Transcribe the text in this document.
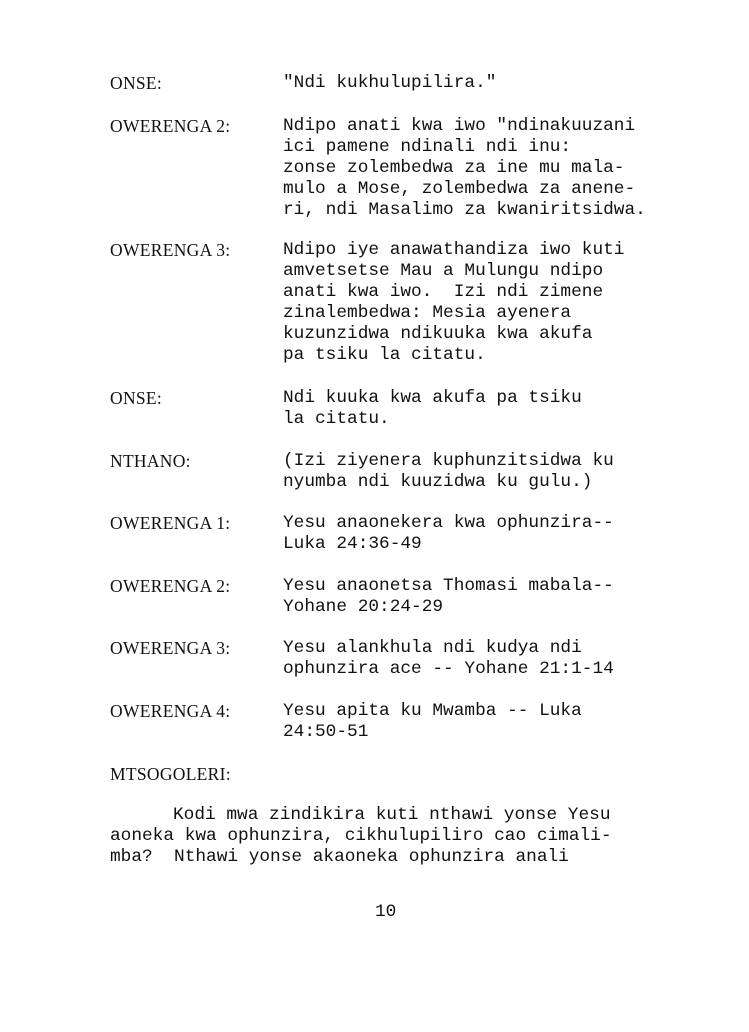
ONSE:	"Ndi kukhulupilira."
OWERENGA 2:	Ndipo anati kwa iwo "ndinakuuzani
ici pamene ndinali ndi inu:
zonse zolembedwa za ine mu mala-
mulo a Mose, zolembedwa za anene-
ri, ndi Masalimo za kwaniritsidwa.
OWERENGA 3:	Ndipo iye anawathandiza iwo kuti
amvetsetse Mau a Mulungu ndipo
anati kwa iwo.  Izi ndi zimene
zinalembedwa: Mesia ayenera
kuzunzidwa ndikuuka kwa akufa
pa tsiku la citatu.
ONSE:	Ndi kuuka kwa akufa pa tsiku
la citatu.
NTHANO:	(Izi ziyenera kuphunzitsidwa ku
nyumba ndi kuuzidwa ku gulu.)
OWERENGA 1:	Yesu anaonekera kwa ophunzira--
Luka 24:36-49
OWERENGA 2:	Yesu anaonetsa Thomasi mabala--
Yohane 20:24-29
OWERENGA 3:	Yesu alankhula ndi kudya ndi
ophunzira ace -- Yohane 21:1-14
OWERENGA 4:	Yesu apita ku Mwamba -- Luka
24:50-51
MTSOGOLERI:
Kodi mwa zindikira kuti nthawi yonse Yesu
aoneka kwa ophunzira, cikhulupiliro cao cimali-
mba?  Nthawi yonse akaoneka ophunzira anali
10
